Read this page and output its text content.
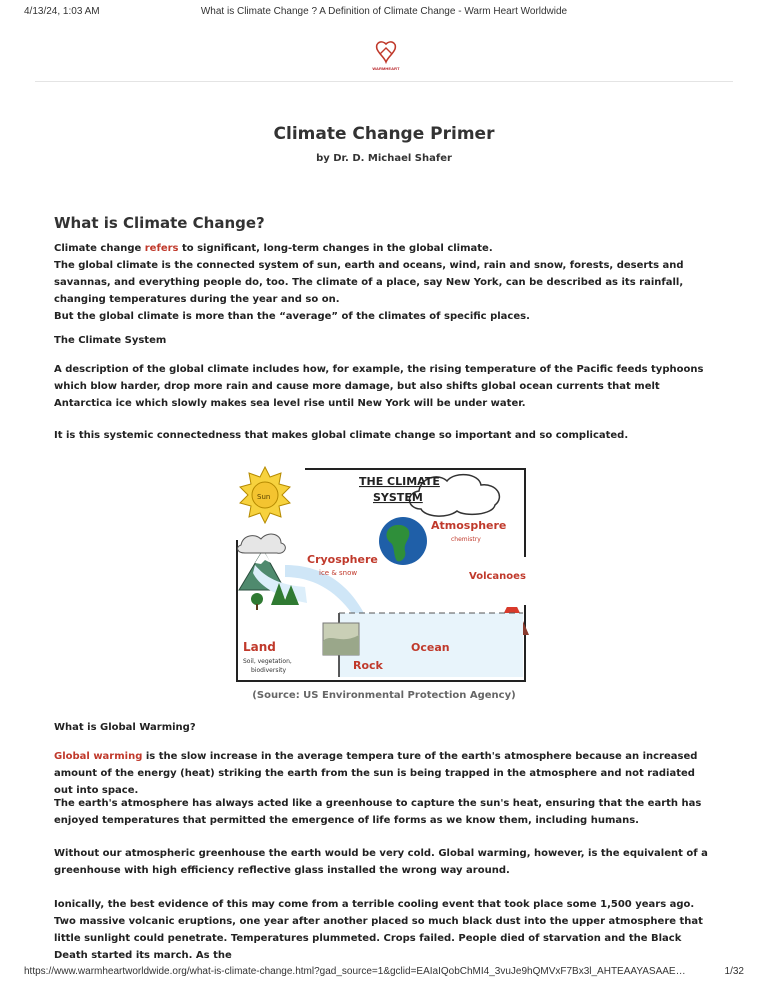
4/13/24, 1:03 AM	What is Climate Change ? A Definition of Climate Change - Warm Heart Worldwide
WARMHEART
Climate Change Primer
by Dr. D. Michael Shafer
What is Climate Change?
Climate change refers to significant, long-term changes in the global climate.
The global climate is the connected system of sun, earth and oceans, wind, rain and snow, forests, deserts and savannas, and everything people do, too. The climate of a place, say New York, can be described as its rainfall, changing temperatures during the year and so on.
But the global climate is more than the “average” of the climates of specific places.
The Climate System
A description of the global climate includes how, for example, the rising temperature of the Pacific feeds typhoons which blow harder, drop more rain and cause more damage, but also shifts global ocean currents that melt Antarctica ice which slowly makes sea level rise until New York will be under water.
It is this systemic connectedness that makes global climate change so important and so complicated.
THE CLIMATE
SYSTEM
Sun
Atmosphere
chemistry
Cryosphere
ice & snow	Volcanoes
Land
Soil, vegetation,
biodiversity	Rock
Ocean
(Source: US Environmental Protection Agency)
What is Global Warming?
Global warming is the slow increase in the average tempera ture of the earth's atmosphere because an increased amount of the energy (heat) striking the earth from the sun is being trapped in the atmosphere and not radiated out into space.
The earth's atmosphere has always acted like a greenhouse to capture the sun's heat, ensuring that the earth has enjoyed temperatures that permitted the emergence of life forms as we know them, including humans.
Without our atmospheric greenhouse the earth would be very cold. Global warming, however, is the equivalent of a greenhouse with high efficiency reflective glass installed the wrong way around.
Ionically, the best evidence of this may come from a terrible cooling event that took place some 1,500 years ago. Two massive volcanic eruptions, one year after another placed so much black dust into the upper atmosphere that little sunlight could penetrate. Temperatures plummeted. Crops failed. People died of starvation and the Black Death started its march. As the
https://www.warmheartworldwide.org/what-is-climate-change.html?gad_source=1&gclid=EAIaIQobChMI4_3vuJe9hQMVxF7Bx3l_AHTEAAYASAAE…	1/32
